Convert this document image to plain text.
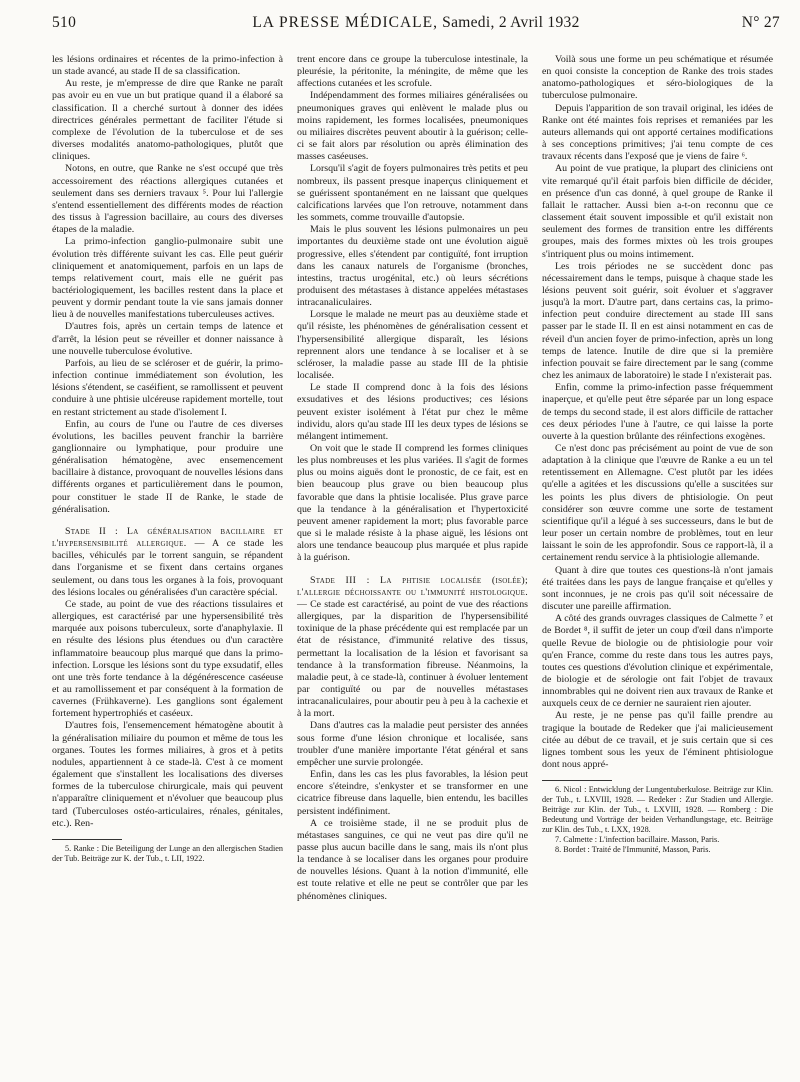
510	LA PRESSE MÉDICALE, Samedi, 2 Avril 1932	N° 27

les lésions ordinaires et récentes de la primo-infection à un stade avancé, au stade II de sa classification.

Au reste, je m'empresse de dire que Ranke ne paraît pas avoir eu en vue un but pratique quand il a élaboré sa classification. Il a cherché surtout à donner des idées directrices générales permettant de faciliter l'étude si complexe de l'évolution de la tuberculose et de ses diverses modalités anatomo-pathologiques, plutôt que cliniques.

Notons, en outre, que Ranke ne s'est occupé que très accessoirement des réactions allergiques cutanées et seulement dans ses derniers travaux ⁵. Pour lui l'allergie s'entend essentiellement des différents modes de réaction des tissus à l'agression bacillaire, au cours des diverses étapes de la maladie.

La primo-infection ganglio-pulmonaire subit une évolution très différente suivant les cas. Elle peut guérir cliniquement et anatomiquement, parfois en un laps de temps relativement court, mais elle ne guérit pas bactériologiquement, les bacilles restent dans la place et peuvent y dormir pendant toute la vie sans jamais donner lieu à de nouvelles manifestations tuberculeuses actives.

D'autres fois, après un certain temps de latence et d'arrêt, la lésion peut se réveiller et donner naissance à une nouvelle tuberculose évolutive.

Parfois, au lieu de se scléroser et de guérir, la primo-infection continue immédiatement son évolution, les lésions s'étendent, se caséifient, se ramollissent et peuvent conduire à une phtisie ulcéreuse rapidement mortelle, tout en restant strictement au stade d'isolement I.

Enfin, au cours de l'une ou l'autre de ces diverses évolutions, les bacilles peuvent franchir la barrière ganglionnaire ou lymphatique, pour produire une généralisation hématogène, avec ensemencement bacillaire à distance, provoquant de nouvelles lésions dans différents organes et particulièrement dans le poumon, pour constituer le stade II de Ranke, le stade de généralisation.

Stade II : La généralisation bacillaire et l'hypersensibilité allergique. — A ce stade les bacilles, véhiculés par le torrent sanguin, se répandent dans l'organisme et se fixent dans certains organes seulement, ou dans tous les organes à la fois, provoquant des lésions locales ou généralisées d'un caractère spécial.

Ce stade, au point de vue des réactions tissulaires et allergiques, est caractérisé par une hypersensibilité très marquée aux poisons tuberculeux, sorte d'anaphylaxie. Il en résulte des lésions plus étendues ou d'un caractère inflammatoire beaucoup plus marqué que dans la primo-infection. Lorsque les lésions sont du type exsudatif, elles ont une très forte tendance à la dégénérescence caséeuse et au ramollissement et par conséquent à la formation de cavernes (Frühkaverne). Les ganglions sont également fortement hypertrophiés et caséeux.

D'autres fois, l'ensemencement hématogène aboutit à la généralisation miliaire du poumon et même de tous les organes. Toutes les formes miliaires, à gros et à petits nodules, appartiennent à ce stade-là. C'est à ce moment également que s'installent les localisations des diverses formes de la tuberculose chirurgicale, mais qui peuvent n'apparaître cliniquement et n'évoluer que beaucoup plus tard (Tuberculoses ostéo-articulaires, rénales, génitales, etc.). Ren-

5. Ranke : Die Beteiligung der Lunge an den allergischen Stadien der Tub. Beiträge zur K. der Tub., t. LII, 1922.

trent encore dans ce groupe la tuberculose intestinale, la pleurésie, la péritonite, la méningite, de même que les affections cutanées et les scrofule.

Indépendamment des formes miliaires généralisées ou pneumoniques graves qui enlèvent le malade plus ou moins rapidement, les formes localisées, pneumoniques ou miliaires discrètes peuvent aboutir à la guérison; celle-ci se fait alors par résolution ou après élimination des masses caséeuses.

Lorsqu'il s'agit de foyers pulmonaires très petits et peu nombreux, ils passent presque inaperçus cliniquement et se guérissent spontanément en ne laissant que quelques calcifications larvées que l'on retrouve, notamment dans les sommets, comme trouvaille d'autopsie.

Mais le plus souvent les lésions pulmonaires un peu importantes du deuxième stade ont une évolution aiguë progressive, elles s'étendent par contiguïté, font irruption dans les canaux naturels de l'organisme (bronches, intestins, tractus urogénital, etc.) où leurs sécrétions produisent des métastases à distance appelées métastases intracanaliculaires.

Lorsque le malade ne meurt pas au deuxième stade et qu'il résiste, les phénomènes de généralisation cessent et l'hypersensibilité allergique disparaît, les lésions reprennent alors une tendance à se localiser et à se scléroser, la maladie passe au stade III de la phtisie localisée.

Le stade II comprend donc à la fois des lésions exsudatives et des lésions productives; ces lésions peuvent exister isolément à l'état pur chez le même individu, alors qu'au stade III les deux types de lésions se mélangent intimement.

On voit que le stade II comprend les formes cliniques les plus nombreuses et les plus variées. Il s'agit de formes plus ou moins aiguës dont le pronostic, de ce fait, est en bien beaucoup plus grave ou bien beaucoup plus favorable que dans la phtisie localisée. Plus grave parce que la tendance à la généralisation et l'hypertoxicité peuvent amener rapidement la mort; plus favorable parce que si le malade résiste à la phase aiguë, les lésions ont alors une tendance beaucoup plus marquée et plus rapide à la guérison.

Stade III : La phtisie localisée (isolée); l'allergie déchoissante ou l'immunité histologique. — Ce stade est caractérisé, au point de vue des réactions allergiques, par la disparition de l'hypersensibilité toxinique de la phase précédente qui est remplacée par un état de résistance, d'immunité relative des tissus, permettant la localisation de la lésion et favorisant sa tendance à la transformation fibreuse. Néanmoins, la maladie peut, à ce stade-là, continuer à évoluer lentement par contiguïté ou par de nouvelles métastases intracanaliculaires, pour aboutir peu à peu à la cachexie et à la mort.

Dans d'autres cas la maladie peut persister des années sous forme d'une lésion chronique et localisée, sans troubler d'une manière importante l'état général et sans empêcher une survie prolongée.

Enfin, dans les cas les plus favorables, la lésion peut encore s'éteindre, s'enkyster et se transformer en une cicatrice fibreuse dans laquelle, bien entendu, les bacilles persistent indéfiniment.

A ce troisième stade, il ne se produit plus de métastases sanguines, ce qui ne veut pas dire qu'il ne passe plus aucun bacille dans le sang, mais ils n'ont plus la tendance à se localiser dans les organes pour produire de nouvelles lésions. Quant à la notion d'immunité, elle est toute relative et elle ne peut se contrôler que par les phénomènes cliniques.

Voilà sous une forme un peu schématique et résumée en quoi consiste la conception de Ranke des trois stades anatomo-pathologiques et séro-biologiques de la tuberculose pulmonaire.

Depuis l'apparition de son travail original, les idées de Ranke ont été maintes fois reprises et remaniées par les auteurs allemands qui ont apporté certaines modifications à ses conceptions primitives; j'ai tenu compte de ces travaux récents dans l'exposé que je viens de faire ⁶.

Au point de vue pratique, la plupart des cliniciens ont vite remarqué qu'il était parfois bien difficile de décider, en présence d'un cas donné, à quel groupe de Ranke il fallait le rattacher. Aussi bien a-t-on reconnu que ce classement était souvent impossible et qu'il existait non seulement des formes de transition entre les différents groupes, mais des formes mixtes où les trois groupes s'intriquent plus ou moins intimement.

Les trois périodes ne se succèdent donc pas nécessairement dans le temps, puisque à chaque stade les lésions peuvent soit guérir, soit évoluer et s'aggraver jusqu'à la mort. D'autre part, dans certains cas, la primo-infection peut conduire directement au stade III sans passer par le stade II. Il en est ainsi notamment en cas de réveil d'un ancien foyer de primo-infection, après un long temps de latence. Inutile de dire que si la première infection pouvait se faire directement par le sang (comme chez les animaux de laboratoire) le stade I n'existerait pas.

Enfin, comme la primo-infection passe fréquemment inaperçue, et qu'elle peut être séparée par un long espace de temps du second stade, il est alors difficile de rattacher ces deux périodes l'une à l'autre, ce qui laisse la porte ouverte à la question brûlante des réinfections exogènes.

Ce n'est donc pas précisément au point de vue de son adaptation à la clinique que l'œuvre de Ranke a eu un tel retentissement en Allemagne. C'est plutôt par les idées qu'elle a agitées et les discussions qu'elle a suscitées sur les points les plus divers de phtisiologie. On peut considérer son œuvre comme une sorte de testament scientifique qu'il a légué à ses successeurs, dans le but de leur poser un certain nombre de problèmes, tout en leur laissant le soin de les approfondir. Sous ce rapport-là, il a certainement rendu service à la phtisiologie allemande.

Quant à dire que toutes ces questions-là n'ont jamais été traitées dans les pays de langue française et qu'elles y sont inconnues, je ne crois pas qu'il soit nécessaire de discuter une pareille affirmation.

A côté des grands ouvrages classiques de Calmette ⁷ et de Bordet ⁸, il suffit de jeter un coup d'œil dans n'importe quelle Revue de biologie ou de phtisiologie pour voir qu'en France, comme du reste dans tous les autres pays, toutes ces questions d'évolution clinique et expérimentale, de biologie et de sérologie ont fait l'objet de travaux innombrables qui ne doivent rien aux travaux de Ranke et auxquels ceux de ce dernier ne sauraient rien ajouter.

Au reste, je ne pense pas qu'il faille prendre au tragique la boutade de Redeker que j'ai malicieusement citée au début de ce travail, et je suis certain que si ces lignes tombent sous les yeux de l'éminent phtisiologue dont nous appré-

6. Nicol : Entwicklung der Lungentuberkulose. Beiträge zur Klin. der Tub., t. LXVIII, 1928. — Redeker : Zur Stadien und Allergie. Beiträge zur Klin. der Tub., t. LXVIII, 1928. — Romberg : Die Bedeutung und Vorträge der beiden Verhandlungstage, etc. Beiträge zur Klin. des Tub., t. LXX, 1928.

7. Calmette : L'infection bacillaire. Masson, Paris.

8. Bordet : Traité de l'Immunité, Masson, Paris.
